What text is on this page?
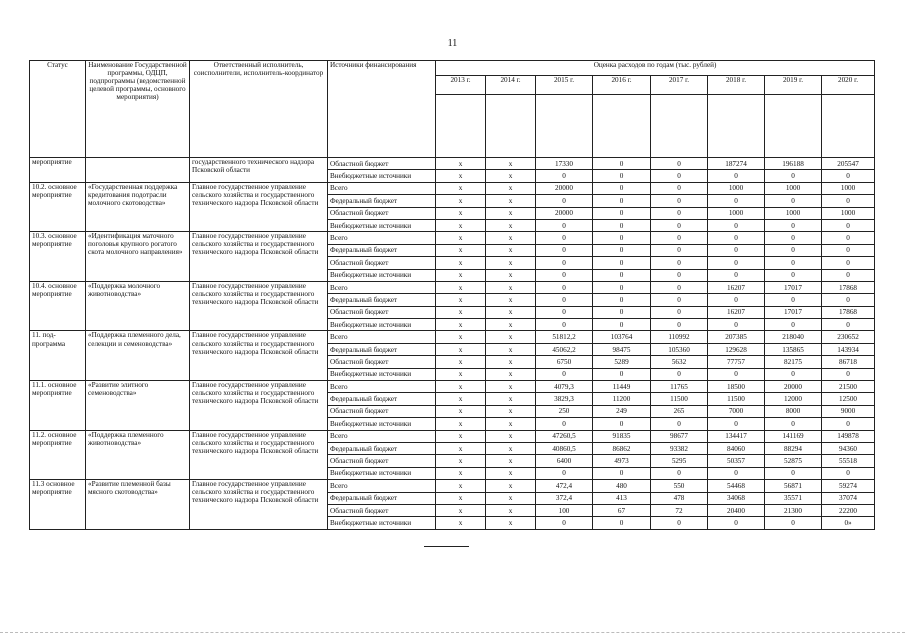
11
Статус	Наименование Государственной программы, ОДЦП, подпрограммы (ведомственной целевой программы, основного мероприятия)	Ответственный исполнитель, соисполнители, исполнитель-координатор	Источники финансирования	Оценка расходов по годам (тыс. рублей)							
				2013 г.	2014 г.	2015 г.	2016 г.	2017 г.	2018 г.	2019 г.	2020 г.

мероприятие		государственного технического надзора Псковской области	Областной бюджет	x	x	17330	0	0	187274	196188	205547
			Внебюджетные источники	x	x	0	0	0	0	0	0
10.2. основное мероприятие	«Государственная поддержка кредитования подотрасли молочного скотоводства»	Главное государственное управление сельского хозяйства и государственного технического надзора Псковской области	Всего	x	x	20000	0	0	1000	1000	1000
			Федеральный бюджет	x	x	0	0	0	0	0	0
			Областной бюджет	x	x	20000	0	0	1000	1000	1000
			Внебюджетные источники	x	x	0	0	0	0	0	0
10.3. основное мероприятие	«Идентификация маточного поголовья крупного рогатого скота молочного направления»	Главное государственное управление сельского хозяйства и государственного технического надзора Псковской области	Всего	x	x	0	0	0	0	0	0
			Федеральный бюджет	x	x	0	0	0	0	0	0
			Областной бюджет	x	x	0	0	0	0	0	0
			Внебюджетные источники	x	x	0	0	0	0	0	0
10.4. основное мероприятие	«Поддержка молочного животноводства»	Главное государственное управление сельского хозяйства и государственного технического надзора Псковской области	Всего	x	x	0	0	0	16207	17017	17868
			Федеральный бюджет	x	x	0	0	0	0	0	0
			Областной бюджет	x	x	0	0	0	16207	17017	17868
			Внебюджетные источники	x	x	0	0	0	0	0	0
11. под-программа	«Поддержка племенного дела, селекции и семеноводства»	Главное государственное управление сельского хозяйства и государственного технического надзора Псковской области	Всего	x	x	51812,2	103764	110992	207385	218040	230652
			Федеральный бюджет	x	x	45062,2	98475	105360	129628	135865	143934
			Областной бюджет	x	x	6750	5289	5632	77757	82175	86718
			Внебюджетные источники	x	x	0	0	0	0	0	0
11.1. основное мероприятие	«Развитие элитного семеноводства»	Главное государственное управление сельского хозяйства и государственного технического надзора Псковской области	Всего	x	x	4079,3	11449	11765	18500	20000	21500
			Федеральный бюджет	x	x	3829,3	11200	11500	11500	12000	12500
			Областной бюджет	x	x	250	249	265	7000	8000	9000
			Внебюджетные источники	x	x	0	0	0	0	0	0
11.2. основное мероприятие	«Поддержка племенного животноводства»	Главное государственное управление сельского хозяйства и государственного технического надзора Псковской области	Всего	x	x	47260,5	91835	98677	134417	141169	149878
			Федеральный бюджет	x	x	40860,5	86862	93382	84060	88294	94360
			Областной бюджет	x	x	6400	4973	5295	50357	52875	55518
			Внебюджетные источники	x	x	0	0	0	0	0	0
11.3 основное мероприятие	«Развитие племенной базы мясного скотоводства»	Главное государственное управление сельского хозяйства и государственного технического надзора Псковской области	Всего	x	x	472,4	480	550	54468	56871	59274
			Федеральный бюджет	x	x	372,4	413	478	34068	35571	37074
			Областной бюджет	x	x	100	67	72	20400	21300	22200
			Внебюджетные источники	x	x	0	0	0	0	0	0»
